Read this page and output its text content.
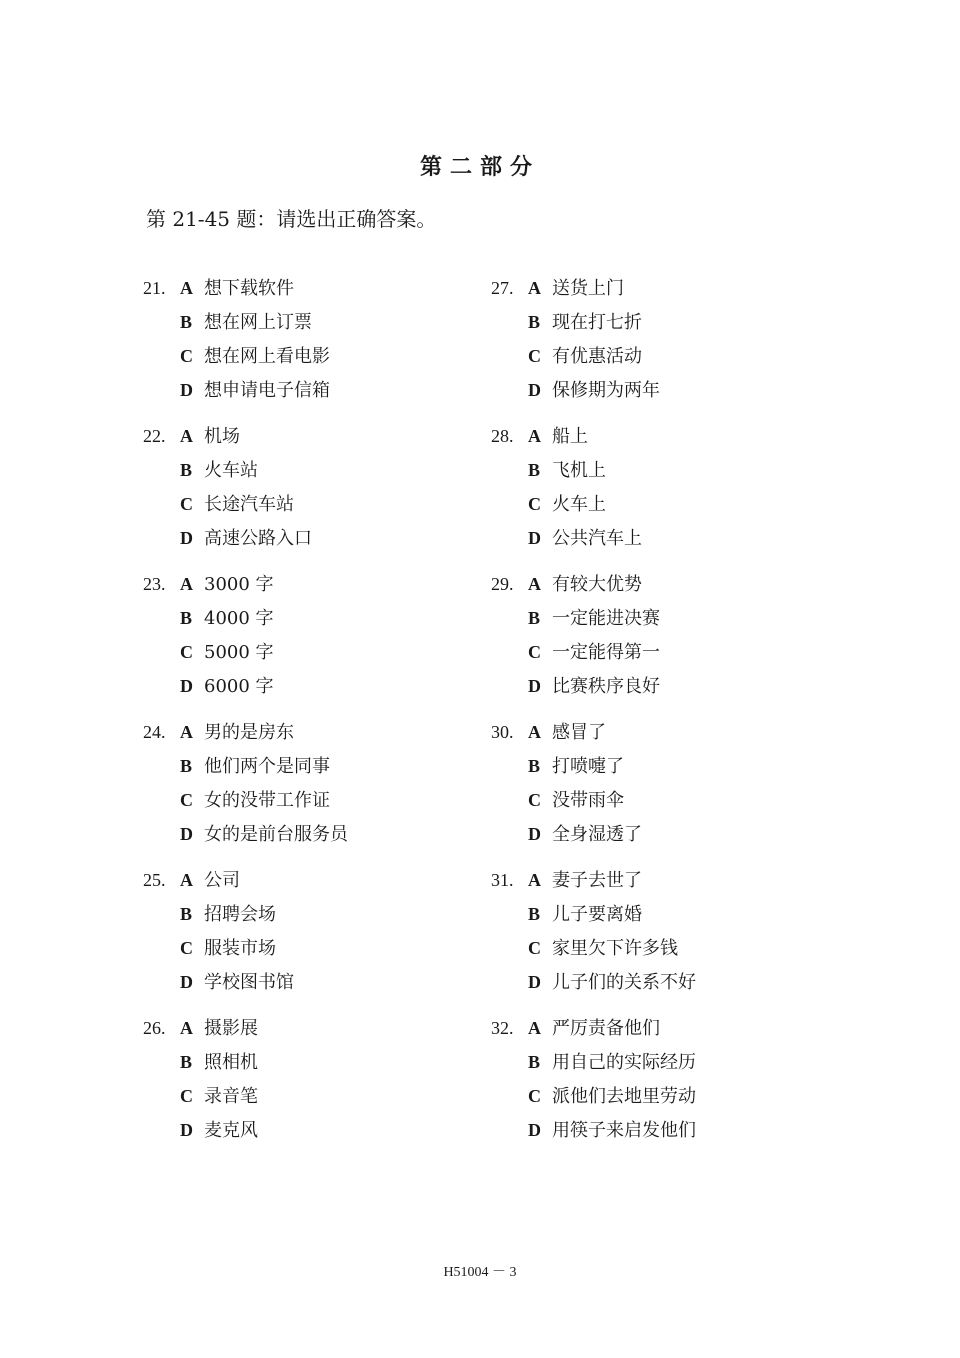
第二部分
第 21-45 题：请选出正确答案。
21. A 想下载软件
B 想在网上订票
C 想在网上看电影
D 想申请电子信箱
22. A 机场
B 火车站
C 长途汽车站
D 高速公路入口
23. A 3000 字
B 4000 字
C 5000 字
D 6000 字
24. A 男的是房东
B 他们两个是同事
C 女的没带工作证
D 女的是前台服务员
25. A 公司
B 招聘会场
C 服装市场
D 学校图书馆
26. A 摄影展
B 照相机
C 录音笔
D 麦克风
27. A 送货上门
B 现在打七折
C 有优惠活动
D 保修期为两年
28. A 船上
B 飞机上
C 火车上
D 公共汽车上
29. A 有较大优势
B 一定能进决赛
C 一定能得第一
D 比赛秩序良好
30. A 感冒了
B 打喷嚏了
C 没带雨伞
D 全身湿透了
31. A 妻子去世了
B 儿子要离婚
C 家里欠下许多钱
D 儿子们的关系不好
32. A 严厉责备他们
B 用自己的实际经历
C 派他们去地里劳动
D 用筷子来启发他们
H51004 － 3
